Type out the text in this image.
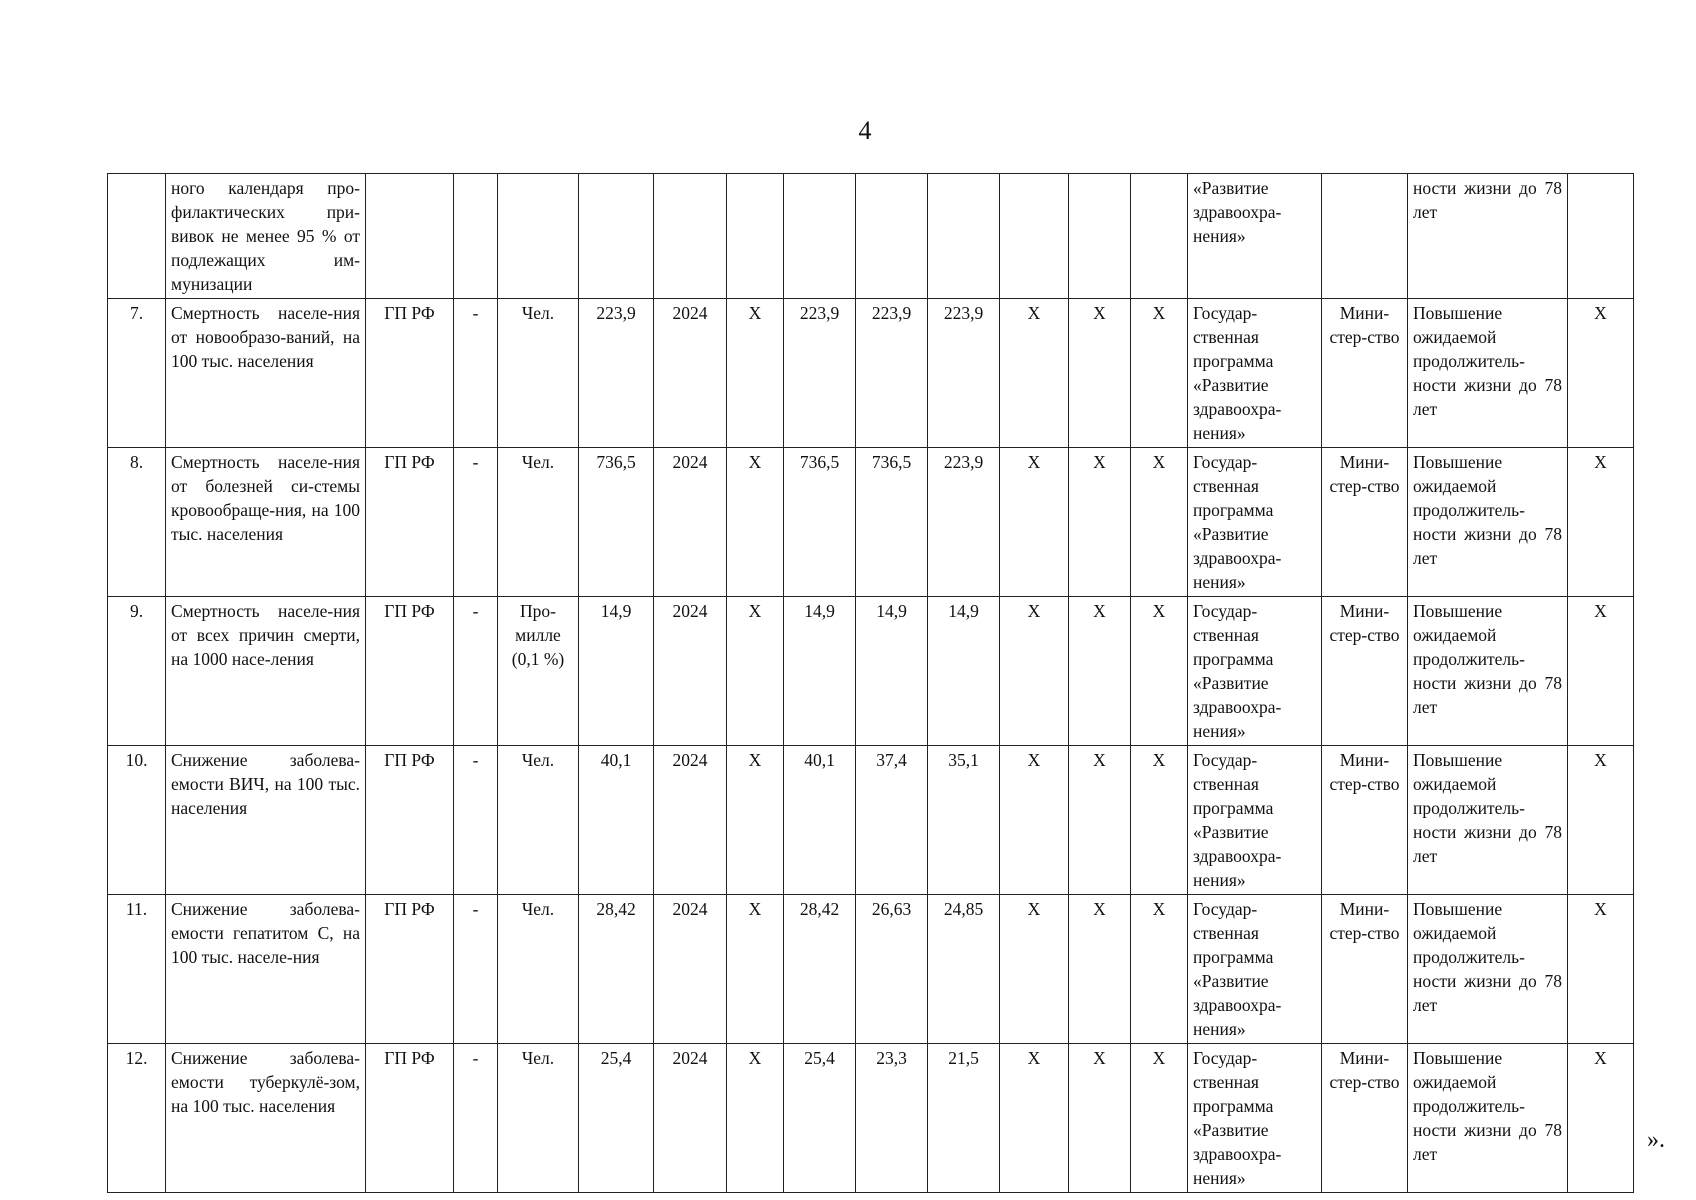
4
	ного календаря про-филактических при-вивок не менее 95 % от подлежащих им-мунизации													«Развитие здравоохра-нения»		ности жизни до 78 лет	
7.	Смертность населе-ния от новообразо-ваний, на 100 тыс. населения	ГП РФ	-	Чел.	223,9	2024	Х	223,9	223,9	223,9	Х	Х	Х	Государ-ственная программа «Развитие здравоохра-нения»	Мини-стер-ство	Повышение ожидаемой продолжитель-ности жизни до 78 лет	Х
8.	Смертность населе-ния от болезней си-стемы кровообраще-ния, на 100 тыс. населения	ГП РФ	-	Чел.	736,5	2024	Х	736,5	736,5	223,9	Х	Х	Х	Государ-ственная программа «Развитие здравоохра-нения»	Мини-стер-ство	Повышение ожидаемой продолжитель-ности жизни до 78 лет	Х
9.	Смертность населе-ния от всех причин смерти, на 1000 насе-ления	ГП РФ	-	Про-милле (0,1 %)	14,9	2024	Х	14,9	14,9	14,9	Х	Х	Х	Государ-ственная программа «Развитие здравоохра-нения»	Мини-стер-ство	Повышение ожидаемой продолжитель-ности жизни до 78 лет	Х
10.	Снижение заболева-емости ВИЧ, на 100 тыс. населения	ГП РФ	-	Чел.	40,1	2024	Х	40,1	37,4	35,1	Х	Х	Х	Государ-ственная программа «Развитие здравоохра-нения»	Мини-стер-ство	Повышение ожидаемой продолжитель-ности жизни до 78 лет	Х
11.	Снижение заболева-емости гепатитом С, на 100 тыс. населе-ния	ГП РФ	-	Чел.	28,42	2024	Х	28,42	26,63	24,85	Х	Х	Х	Государ-ственная программа «Развитие здравоохра-нения»	Мини-стер-ство	Повышение ожидаемой продолжитель-ности жизни до 78 лет	Х
12.	Снижение заболева-емости туберкулё-зом, на 100 тыс. населения	ГП РФ	-	Чел.	25,4	2024	Х	25,4	23,3	21,5	Х	Х	Х	Государ-ственная программа «Развитие здравоохра-нения»	Мини-стер-ство	Повышение ожидаемой продолжитель-ности жизни до 78 лет	Х
».
